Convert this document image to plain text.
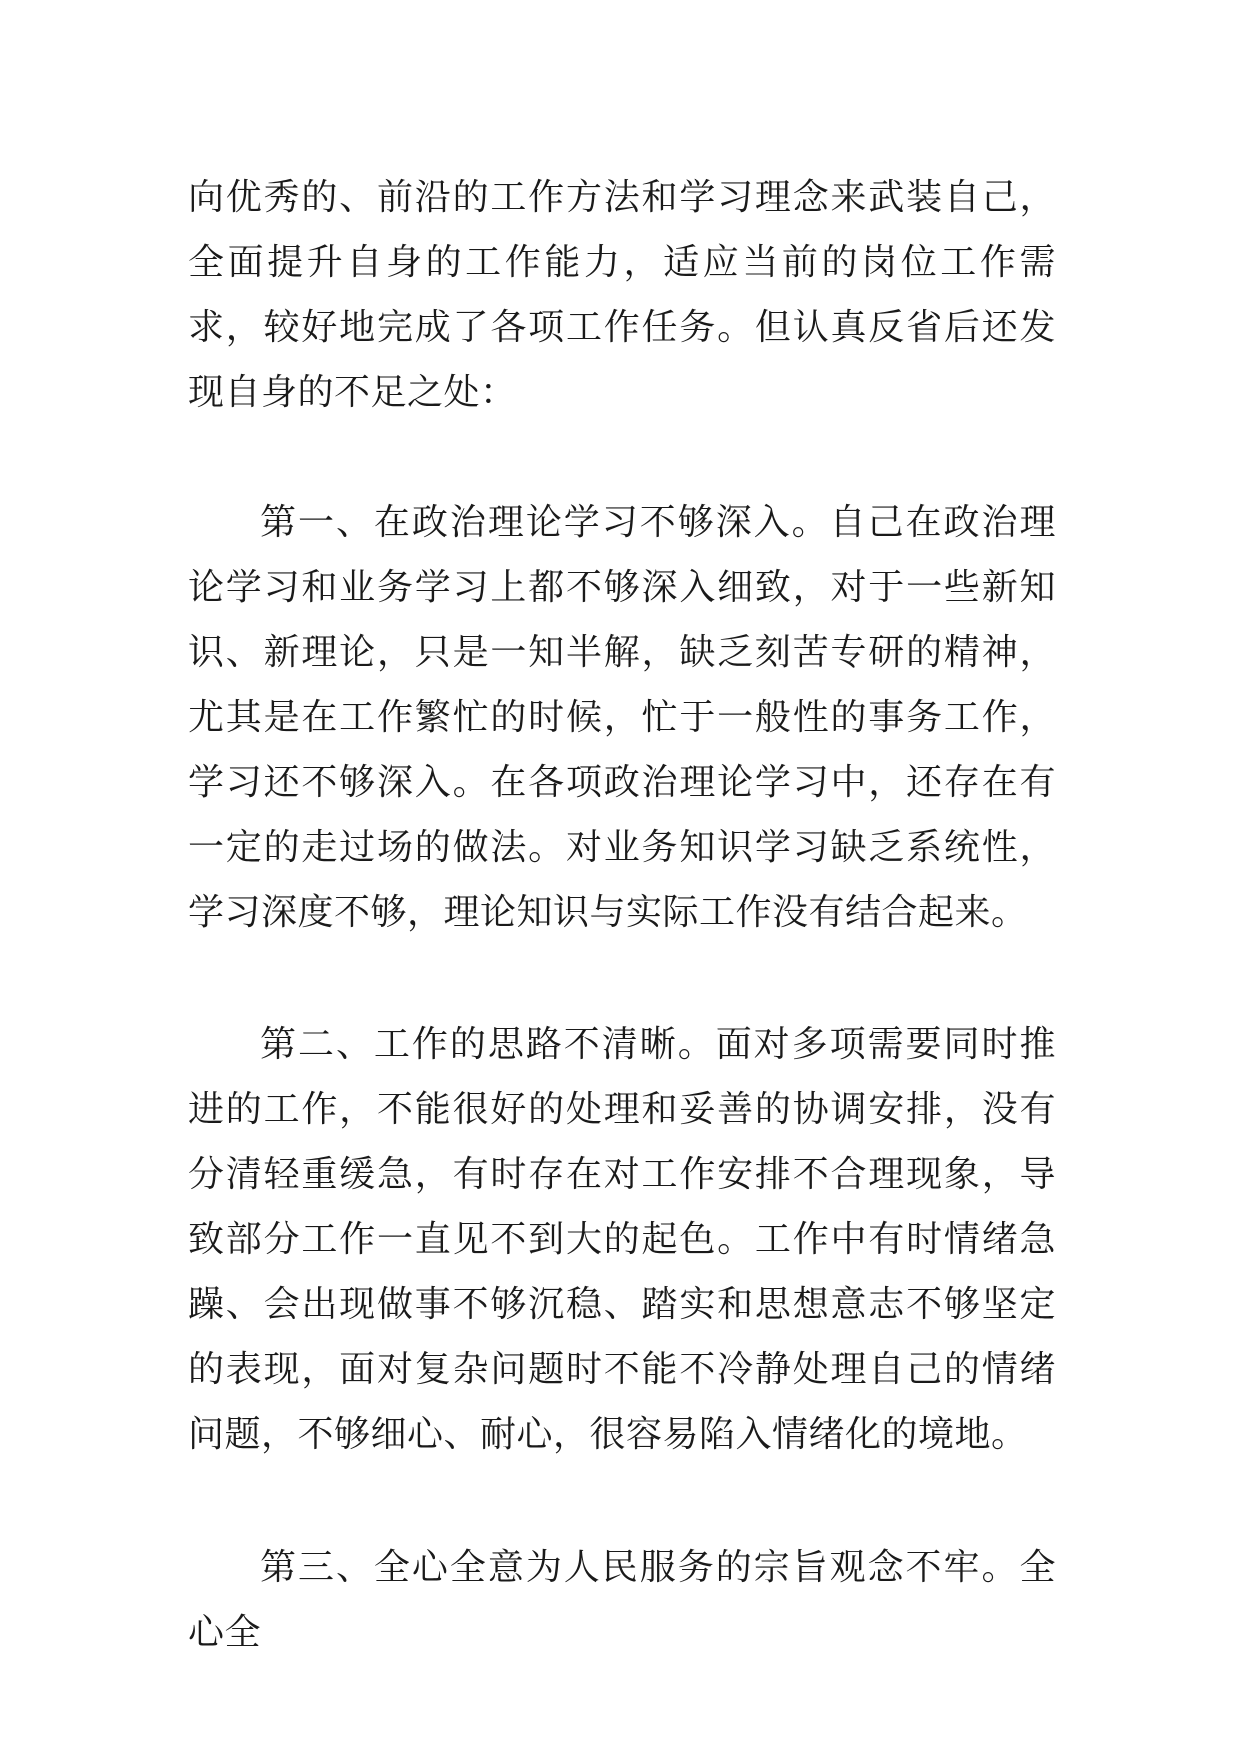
向优秀的、前沿的工作方法和学习理念来武装自己，全面提升自身的工作能力，适应当前的岗位工作需求，较好地完成了各项工作任务。但认真反省后还发现自身的不足之处：

第一、在政治理论学习不够深入。自己在政治理论学习和业务学习上都不够深入细致，对于一些新知识、新理论，只是一知半解，缺乏刻苦专研的精神，尤其是在工作繁忙的时候，忙于一般性的事务工作，学习还不够深入。在各项政治理论学习中，还存在有一定的走过场的做法。对业务知识学习缺乏系统性，学习深度不够，理论知识与实际工作没有结合起来。

第二、工作的思路不清晰。面对多项需要同时推进的工作，不能很好的处理和妥善的协调安排，没有分清轻重缓急，有时存在对工作安排不合理现象，导致部分工作一直见不到大的起色。工作中有时情绪急躁、会出现做事不够沉稳、踏实和思想意志不够坚定的表现，面对复杂问题时不能不冷静处理自己的情绪问题，不够细心、耐心，很容易陷入情绪化的境地。

第三、全心全意为人民服务的宗旨观念不牢。全心全
